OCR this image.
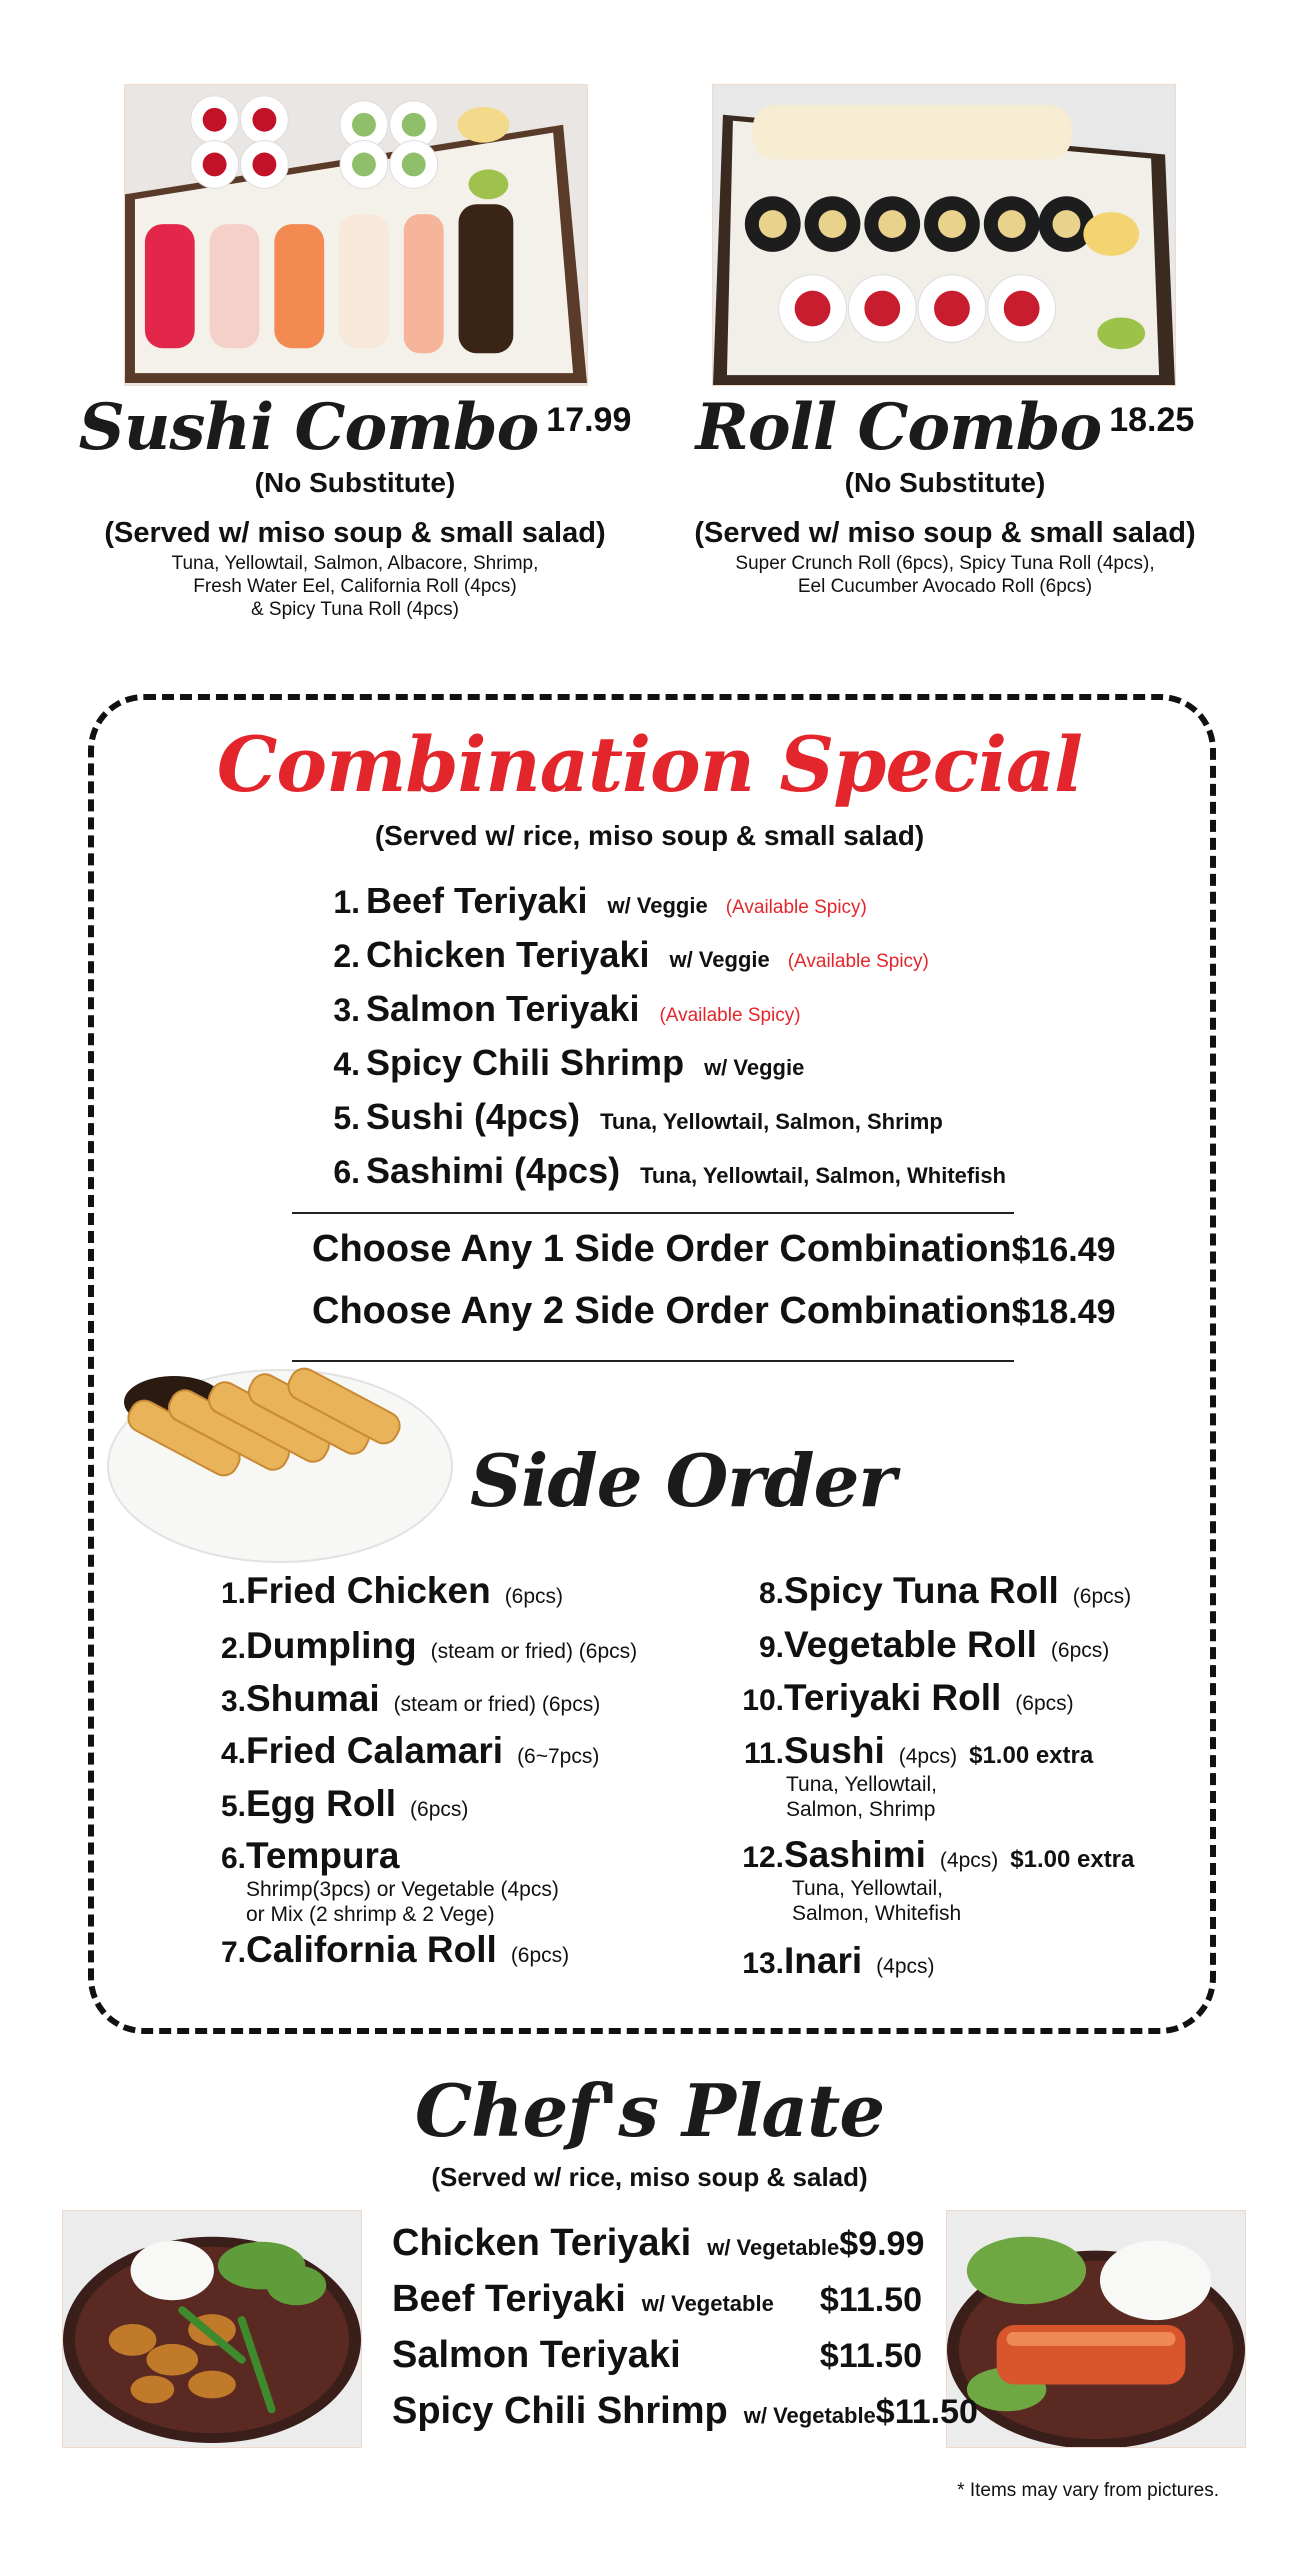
Sushi Combo 17.99
(No Substitute)
(Served w/ miso soup & small salad)
Tuna, Yellowtail, Salmon, Albacore, Shrimp,
Fresh Water Eel, California Roll (4pcs)
& Spicy Tuna Roll (4pcs)
Roll Combo 18.25
(No Substitute)
(Served w/ miso soup & small salad)
Super Crunch Roll (6pcs), Spicy Tuna Roll (4pcs),
Eel Cucumber Avocado Roll (6pcs)
Combination Special
(Served w/ rice, miso soup & small salad)
1. Beef Teriyaki w/ Veggie (Available Spicy)
2. Chicken Teriyaki w/ Veggie (Available Spicy)
3. Salmon Teriyaki (Available Spicy)
4. Spicy Chili Shrimp w/ Veggie
5. Sushi (4pcs) Tuna, Yellowtail, Salmon, Shrimp
6. Sashimi (4pcs) Tuna, Yellowtail, Salmon, Whitefish
Choose Any 1 Side Order Combination $16.49
Choose Any 2 Side Order Combination $18.49
Side Order
1. Fried Chicken (6pcs)
2. Dumpling (steam or fried) (6pcs)
3. Shumai (steam or fried) (6pcs)
4. Fried Calamari (6~7pcs)
5. Egg Roll (6pcs)
6. Tempura
Shrimp(3pcs) or Vegetable (4pcs)
or Mix (2 shrimp & 2 Vege)
7. California Roll (6pcs)
8. Spicy Tuna Roll (6pcs)
9. Vegetable Roll (6pcs)
10. Teriyaki Roll (6pcs)
11. Sushi (4pcs) $1.00 extra
Tuna, Yellowtail,
Salmon, Shrimp
12. Sashimi (4pcs) $1.00 extra
Tuna, Yellowtail,
Salmon, Whitefish
13. Inari (4pcs)
Chef's Plate
(Served w/ rice, miso soup & salad)
Chicken Teriyaki w/ Vegetable $9.99
Beef Teriyaki w/ Vegetable $11.50
Salmon Teriyaki	$11.50
Spicy Chili Shrimp w/ Vegetable $11.50
* Items may vary from pictures.
